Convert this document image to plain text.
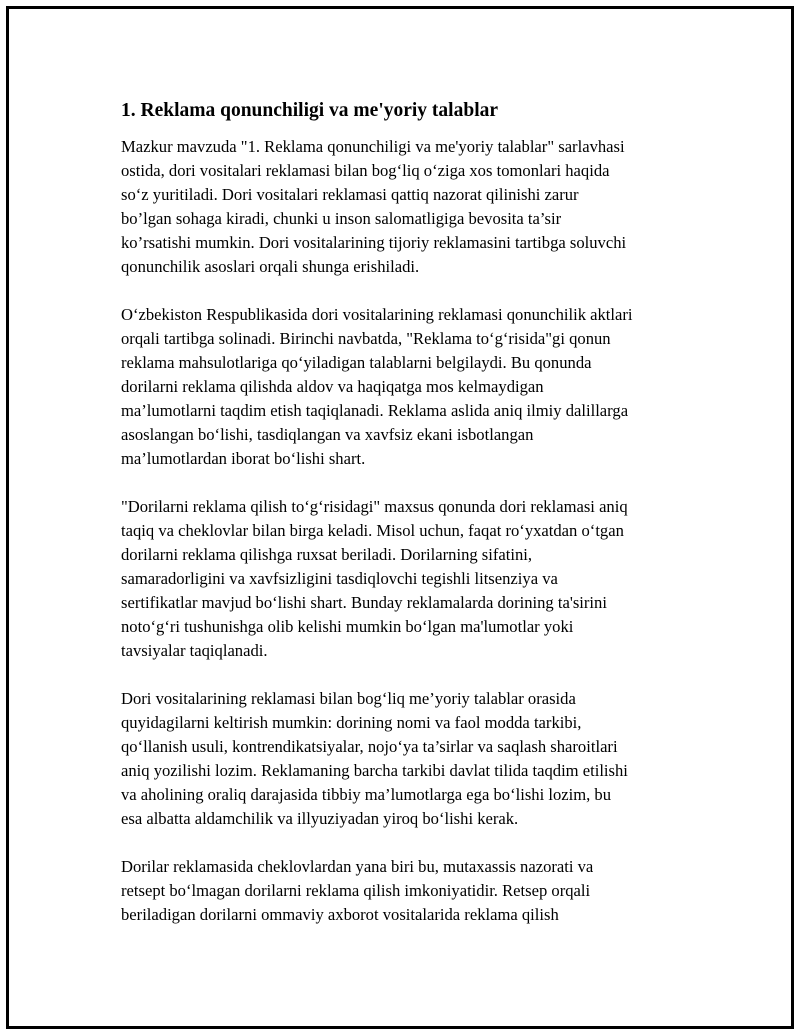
1. Reklama qonunchiligi va me'yoriy talablar

Mazkur mavzuda "1. Reklama qonunchiligi va me'yoriy talablar" sarlavhasi
ostida, dori vositalari reklamasi bilan bog‘liq o‘ziga xos tomonlari haqida
so‘z yuritiladi. Dori vositalari reklamasi qattiq nazorat qilinishi zarur
bo’lgan sohaga kiradi, chunki u inson salomatligiga bevosita ta’sir
ko’rsatishi mumkin. Dori vositalarining tijoriy reklamasini tartibga soluvchi
qonunchilik asoslari orqali shunga erishiladi.

O‘zbekiston Respublikasida dori vositalarining reklamasi qonunchilik aktlari
orqali tartibga solinadi. Birinchi navbatda, "Reklama to‘g‘risida"gi qonun
reklama mahsulotlariga qo‘yiladigan talablarni belgilaydi. Bu qonunda
dorilarni reklama qilishda aldov va haqiqatga mos kelmaydigan
ma’lumotlarni taqdim etish taqiqlanadi. Reklama aslida aniq ilmiy dalillarga
asoslangan bo‘lishi, tasdiqlangan va xavfsiz ekani isbotlangan
ma’lumotlardan iborat bo‘lishi shart.

"Dorilarni reklama qilish to‘g‘risidagi" maxsus qonunda dori reklamasi aniq
taqiq va cheklovlar bilan birga keladi. Misol uchun, faqat ro‘yxatdan o‘tgan
dorilarni reklama qilishga ruxsat beriladi. Dorilarning sifatini,
samaradorligini va xavfsizligini tasdiqlovchi tegishli litsenziya va
sertifikatlar mavjud bo‘lishi shart. Bunday reklamalarda dorining ta'sirini
noto‘g‘ri tushunishga olib kelishi mumkin bo‘lgan ma'lumotlar yoki
tavsiyalar taqiqlanadi.

Dori vositalarining reklamasi bilan bog‘liq me’yoriy talablar orasida
quyidagilarni keltirish mumkin: dorining nomi va faol modda tarkibi,
qo‘llanish usuli, kontrendikatsiyalar, nojo‘ya ta’sirlar va saqlash sharoitlari
aniq yozilishi lozim. Reklamaning barcha tarkibi davlat tilida taqdim etilishi
va aholining oraliq darajasida tibbiy ma’lumotlarga ega bo‘lishi lozim, bu
esa albatta aldamchilik va illyuziyadan yiroq bo‘lishi kerak.

Dorilar reklamasida cheklovlardan yana biri bu, mutaxassis nazorati va
retsept bo‘lmagan dorilarni reklama qilish imkoniyatidir. Retsep orqali
beriladigan dorilarni ommaviy axborot vositalarida reklama qilish
